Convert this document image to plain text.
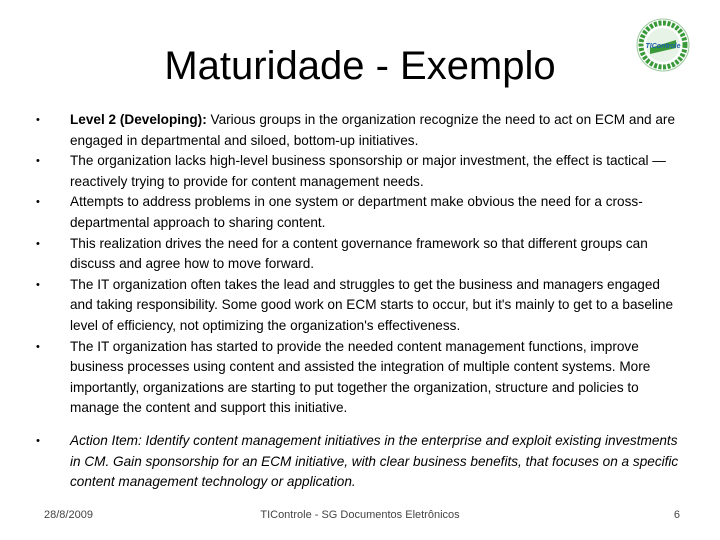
Maturidade - Exemplo	TIControle
•	Level 2 (Developing): Various groups in the organization recognize the need to act on ECM and are engaged in departmental and siloed, bottom-up initiatives.
•	The organization lacks high-level business sponsorship or major investment, the effect is tactical — reactively trying to provide for content management needs.
•	Attempts to address problems in one system or department make obvious the need for a cross-departmental approach to sharing content.
•	This realization drives the need for a content governance framework so that different groups can discuss and agree how to move forward.
•	The IT organization often takes the lead and struggles to get the business and managers engaged and taking responsibility. Some good work on ECM starts to occur, but it's mainly to get to a baseline level of efficiency, not optimizing the organization's effectiveness.
•	The IT organization has started to provide the needed content management functions, improve business processes using content and assisted the integration of multiple content systems. More importantly, organizations are starting to put together the organization, structure and policies to manage the content and support this initiative.
•	Action Item: Identify content management initiatives in the enterprise and exploit existing investments in CM. Gain sponsorship for an ECM initiative, with clear business benefits, that focuses on a specific content management technology or application.
28/8/2009	TIControle - SG Documentos Eletrônicos	6
